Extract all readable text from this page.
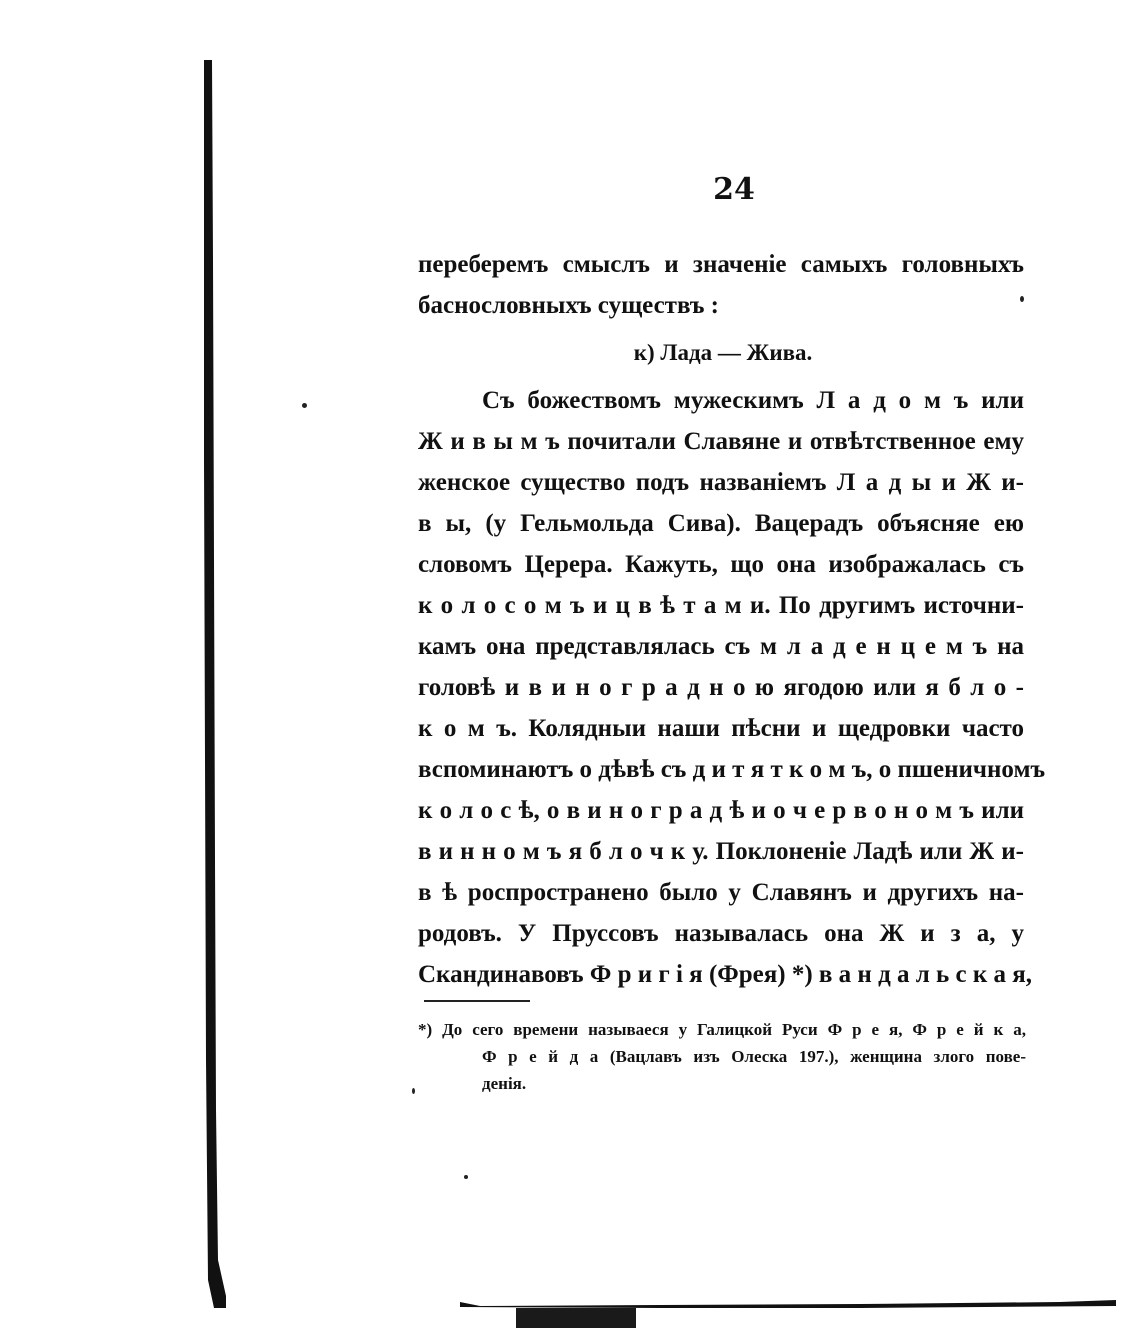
24
переберемъ смыслъ и значеніе самыхъ головныхъ
баснословныхъ существъ :
к) Лада — Жива.
Съ божествомъ мужескимъ Л а д о м ъ или
Ж и в ы м ъ почитали Славяне и отвѣтственное ему
женское существо подъ названіемъ Л а д ы и Ж и-
в ы, (у Гельмольда Сива). Вацерадъ объясняе ею
словомъ Церера. Кажуть, що она изображалась съ
к о л о с о м ъ и ц в ѣ т а м и. По другимъ источни-
камъ она представлялась съ м л а д е н ц е м ъ на
головѣ и в и н о г р а д н о ю ягодою или я б л о -
к о м ъ. Колядныи наши пѣсни и щедровки часто
вспоминаютъ о дѣвѣ съ д и т я т к о м ъ, о пшеничномъ
к о л о с ѣ, о в и н о г р а д ѣ и о ч е р в о н о м ъ или
в и н н о м ъ я б л о ч к у. Поклоненіе Ладѣ или Ж и-
в ѣ роспространено было у Славянъ и другихъ на-
родовъ. У Пруссовъ называлась она Ж и з а, у
Скандинавовъ Ф р и г і я (Фрея) *) в а н д а л ь с к а я,
*) До сего времени называеся у Галицкой Руси Ф р е я, Ф р е й к а,
Ф р е й д а (Вацлавъ изъ Олеска 197.), женщина злого пове-
денія.
